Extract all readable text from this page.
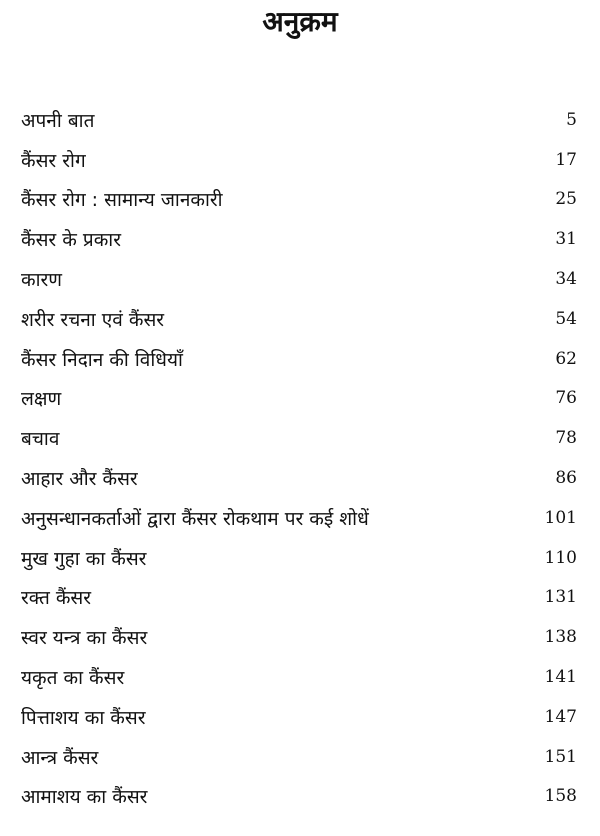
अनुक्रम
अपनी बात	5
कैंसर रोग	17
कैंसर रोग : सामान्य जानकारी	25
कैंसर के प्रकार	31
कारण	34
शरीर रचना एवं कैंसर	54
कैंसर निदान की विधियाँ	62
लक्षण	76
बचाव	78
आहार और कैंसर	86
अनुसन्धानकर्ताओं द्वारा कैंसर रोकथाम पर कई शोधें	101
मुख गुहा का कैंसर	110
रक्त कैंसर	131
स्वर यन्त्र का कैंसर	138
यकृत का कैंसर	141
पित्ताशय का कैंसर	147
आन्त्र कैंसर	151
आमाशय का कैंसर	158
